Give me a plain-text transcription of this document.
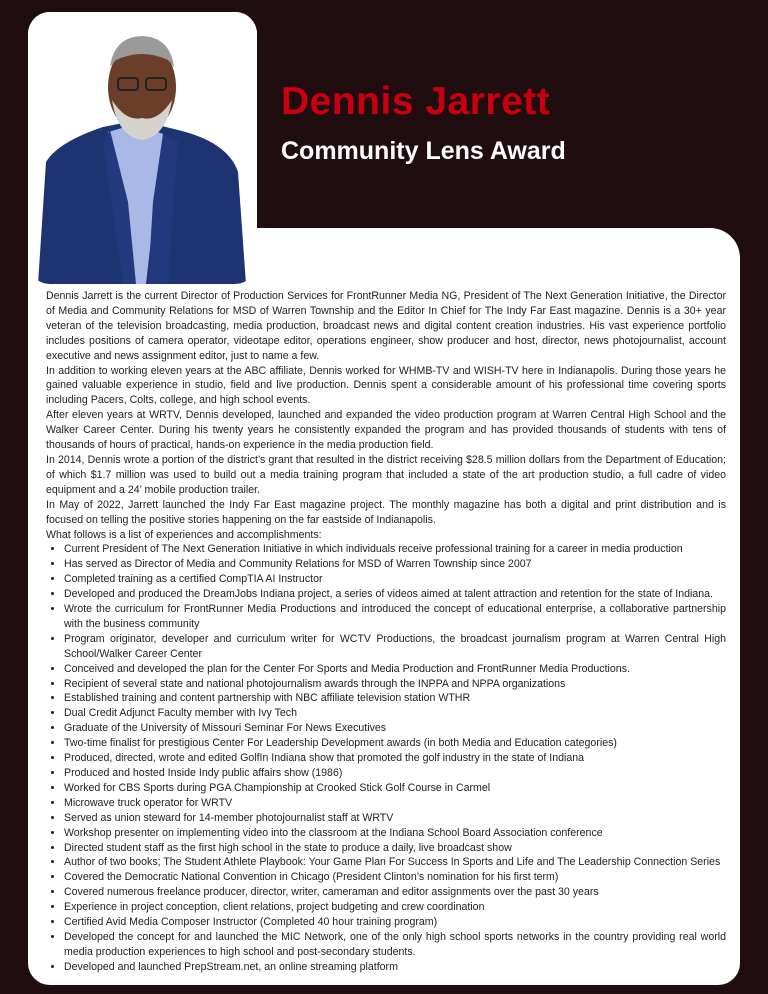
Dennis Jarrett
Community Lens Award

Dennis Jarrett is the current Director of Production Services for FrontRunner Media NG, President of The Next Generation Initiative, the Director of Media and Community Relations for MSD of Warren Township and the Editor In Chief for The Indy Far East magazine. Dennis is a 30+ year veteran of the television broadcasting, media production, broadcast news and digital content creation industries. His vast experience portfolio includes positions of camera operator, videotape editor, operations engineer, show producer and host, director, news photojournalist, account executive and news assignment editor, just to name a few.

In addition to working eleven years at the ABC affiliate, Dennis worked for WHMB-TV and WISH-TV here in Indianapolis. During those years he gained valuable experience in studio, field and live production. Dennis spent a considerable amount of his professional time covering sports including Pacers, Colts, college, and high school events.

After eleven years at WRTV, Dennis developed, launched and expanded the video production program at Warren Central High School and the Walker Career Center. During his twenty years he consistently expanded the program and has provided thousands of students with tens of thousands of hours of practical, hands-on experience in the media production field.

In 2014, Dennis wrote a portion of the district’s grant that resulted in the district receiving $28.5 million dollars from the Department of Education; of which $1.7 million was used to build out a media training program that included a state of the art production studio, a full cadre of video equipment and a 24’ mobile production trailer.

In May of 2022, Jarrett launched the Indy Far East magazine project. The monthly magazine has both a digital and print distribution and is focused on telling the positive stories happening on the far eastside of Indianapolis.

What follows is a list of experiences and accomplishments:

• Current President of The Next Generation Initiative in which individuals receive professional training for a career in media production
• Has served as Director of Media and Community Relations for MSD of Warren Township since 2007
• Completed training as a certified CompTIA AI Instructor
• Developed and produced the DreamJobs Indiana project, a series of videos aimed at talent attraction and retention for the state of Indiana.
• Wrote the curriculum for FrontRunner Media Productions and introduced the concept of educational enterprise, a collaborative partnership with the business community
• Program originator, developer and curriculum writer for WCTV Productions, the broadcast journalism program at Warren Central High School/Walker Career Center
• Conceived and developed the plan for the Center For Sports and Media Production and FrontRunner Media Productions.
• Recipient of several state and national photojournalism awards through the INPPA and NPPA organizations
• Established training and content partnership with NBC affiliate television station WTHR
• Dual Credit Adjunct Faculty member with Ivy Tech
• Graduate of the University of Missouri Seminar For News Executives
• Two-time finalist for prestigious Center For Leadership Development awards (in both Media and Education categories)
• Produced, directed, wrote and edited GolfIn Indiana show that promoted the golf industry in the state of Indiana
• Produced and hosted Inside Indy public affairs show (1986)
• Worked for CBS Sports during PGA Championship at Crooked Stick Golf Course in Carmel
• Microwave truck operator for WRTV
• Served as union steward for 14-member photojournalist staff at WRTV
• Workshop presenter on implementing video into the classroom at the Indiana School Board Association conference
• Directed student staff as the first high school in the state to produce a daily, live broadcast show
• Author of two books; The Student Athlete Playbook: Your Game Plan For Success In Sports and Life and The Leadership Connection Series
• Covered the Democratic National Convention in Chicago (President Clinton’s nomination for his first term)
• Covered numerous freelance producer, director, writer, cameraman and editor assignments over the past 30 years
• Experience in project conception, client relations, project budgeting and crew coordination
• Certified Avid Media Composer Instructor (Completed 40 hour training program)
• Developed the concept for and launched the MIC Network, one of the only high school sports networks in the country providing real world media production experiences to high school and post-secondary students.
• Developed and launched PrepStream.net, an online streaming platform
